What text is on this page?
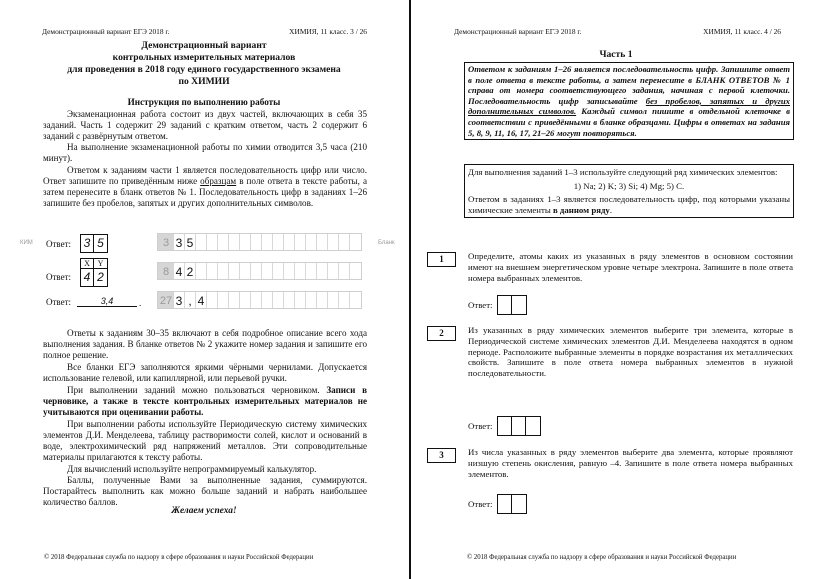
Демонстрационный вариант ЕГЭ 2018 г.	ХИМИЯ, 11 класс. 3 / 26
Демонстрационный вариант
контрольных измерительных материалов
для проведения в 2018 году единого государственного экзамена
по ХИМИИ
Инструкция по выполнению работы
Экзаменационная работа состоит из двух частей, включающих в себя 35 заданий. Часть 1 содержит 29 заданий с кратким ответом, часть 2 содержит 6 заданий с развёрнутым ответом.
На выполнение экзаменационной работы по химии отводится 3,5 часа (210 минут).
Ответом к заданиям части 1 является последовательность цифр или число. Ответ запишите по приведённым ниже образцам в поле ответа в тексте работы, а затем перенесите в бланк ответов № 1. Последовательность цифр в заданиях 1–26 запишите без пробелов, запятых и других дополнительных символов.
КИМ	Бланк
Ответ: 3 5
X Y
Ответ: 4 2
Ответ:	3,4	.
3 3 5
8 4 2
27 3 , 4
Ответы к заданиям 30–35 включают в себя подробное описание всего хода выполнения задания. В бланке ответов № 2 укажите номер задания и запишите его полное решение.
Все бланки ЕГЭ заполняются яркими чёрными чернилами. Допускается использование гелевой, или капиллярной, или перьевой ручки.
При выполнении заданий можно пользоваться черновиком. Записи в черновике, а также в тексте контрольных измерительных материалов не учитываются при оценивании работы.
При выполнении работы используйте Периодическую систему химических элементов Д.И. Менделеева, таблицу растворимости солей, кислот и оснований в воде, электрохимический ряд напряжений металлов. Эти сопроводительные материалы прилагаются к тексту работы.
Для вычислений используйте непрограммируемый калькулятор.
Баллы, полученные Вами за выполненные задания, суммируются. Постарайтесь выполнить как можно больше заданий и набрать наибольшее количество баллов.
Желаем успеха!
© 2018 Федеральная служба по надзору в сфере образования и науки Российской Федерации
Демонстрационный вариант ЕГЭ 2018 г.	ХИМИЯ, 11 класс. 4 / 26
Часть 1
Ответом к заданиям 1–26 является последовательность цифр. Запишите ответ в поле ответа в тексте работы, а затем перенесите в БЛАНК ОТВЕТОВ № 1 справа от номера соответствующего задания, начиная с первой клеточки. Последовательность цифр записывайте без пробелов, запятых и других дополнительных символов. Каждый символ пишите в отдельной клеточке в соответствии с приведёнными в бланке образцами. Цифры в ответах на задания 5, 8, 9, 11, 16, 17, 21–26 могут повторяться.
Для выполнения заданий 1–3 используйте следующий ряд химических элементов:
1) Na; 2) K; 3) Si; 4) Mg; 5) C.
Ответом в заданиях 1–3 является последовательность цифр, под которыми указаны химические элементы в данном ряду.
1	Определите, атомы каких из указанных в ряду элементов в основном состоянии имеют на внешнем энергетическом уровне четыре электрона. Запишите в поле ответа номера выбранных элементов.
Ответ:
2	Из указанных в ряду химических элементов выберите три элемента, которые в Периодической системе химических элементов Д.И. Менделеева находятся в одном периоде. Расположите выбранные элементы в порядке возрастания их металлических свойств. Запишите в поле ответа номера выбранных элементов в нужной последовательности.
Ответ:
3	Из числа указанных в ряду элементов выберите два элемента, которые проявляют низшую степень окисления, равную –4. Запишите в поле ответа номера выбранных элементов.
Ответ:
© 2018 Федеральная служба по надзору в сфере образования и науки Российской Федерации
